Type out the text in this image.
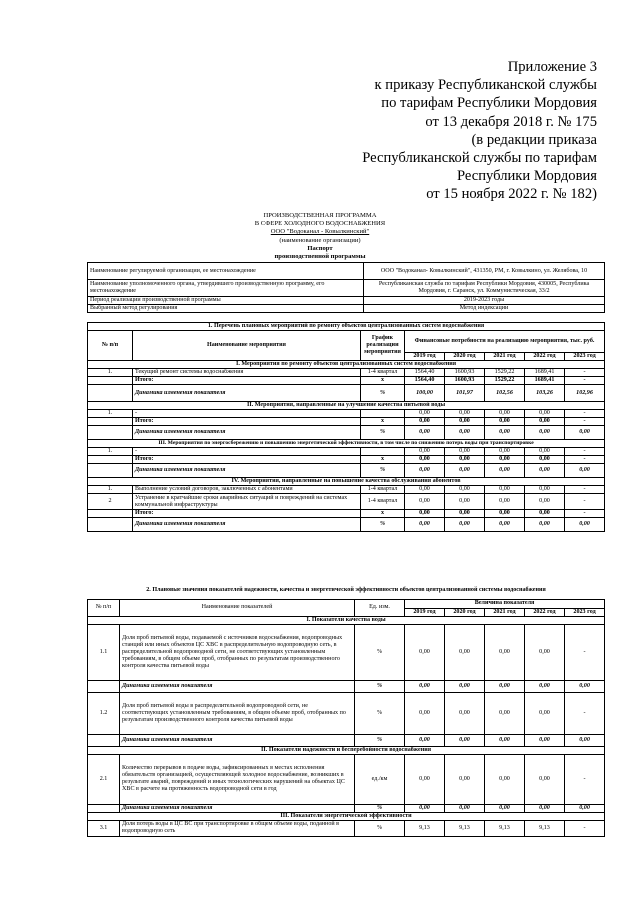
Приложение 3
к приказу Республиканской службы
по тарифам Республики Мордовия
от 13 декабря 2018 г. № 175
(в редакции приказа
Республиканской службы по тарифам
Республики Мордовия
от 15 ноября 2022 г. № 182)
ПРОИЗВОДСТВЕННАЯ ПРОГРАММА
В СФЕРЕ ХОЛОДНОГО ВОДОСНАБЖЕНИЯ
ООО "Водоканал - Ковылкинский"
(наименование организации)
Паспорт
производственной программы
Наименование регулируемой организации, ее местонахождение	ООО "Водоканал- Ковылкинский", 431350, РМ, г. Ковылкино, ул. Желябова, 10
Наименование уполномоченного органа, утвердившего производственную программу, его местонахождение	Республиканская служба по тарифам Республики Мордовия, 430005, Республика Мордовия, г. Саранск, ул. Коммунистическая, 33/2
Период реализации производственной программы	2019-2023 годы
Выбранный метод регулирования	Метод индексации
1. Перечень плановых мероприятий по ремонту объектов централизованных систем водоснабжения							
№ п/п	Наименование мероприятия	График реализации мероприятия	Финансовые потребности на реализацию мероприятия, тыс. руб.				
			2019 год	2020 год	2021 год	2022 год	2023 год
I. Мероприятия по ремонту объектов централизованных систем водоснабжения							
1.	Текущий ремонт системы водоснабжения	1-4 квартал	1564,40	1600,93	1529,22	1689,41	-
	Итого:	х	1564,40	1600,93	1529,22	1689,41	-
	Динамика изменения показателя	%	100,00	101,97	102,56	103,26	102,96
II. Мероприятия, направленные на улучшение качества питьевой воды							
1.	-		0,00	0,00	0,00	0,00	-
	Итого:	х	0,00	0,00	0,00	0,00	-
	Динамика изменения показателя	%	0,00	0,00	0,00	0,00	0,00
III. Мероприятия по энергосбережению и повышению энергетической эффективности, в том числе по снижению потерь воды при транспортировке							
1.	-		0,00	0,00	0,00	0,00	-
	Итого:	х	0,00	0,00	0,00	0,00	-
	Динамика изменения показателя	%	0,00	0,00	0,00	0,00	0,00
IV. Мероприятия, направленные на повышение качества обслуживания абонентов							
1.	Выполнение условий договоров, заключенных с абонентами	1-4 квартал	0,00	0,00	0,00	0,00	-
2	Устранение в кратчайшие сроки аварийных ситуаций и повреждений на системах коммунальной инфраструктуры	1-4 квартал	0,00	0,00	0,00	0,00	-
	Итого:	х	0,00	0,00	0,00	0,00	-
	Динамика изменения показателя	%	0,00	0,00	0,00	0,00	0,00
2. Плановые значения показателей надежности, качества и энергетической эффективности объектов централизованной системы водоснабжения							
№ п/п	Наименование показателей	Ед. изм.	Величина показателя				
			2019 год	2020 год	2021 год	2022 год	2023 год
I. Показатели качества воды							
1.1	Доля проб питьевой воды, подаваемой с источников водоснабжения, водопроводных станций или иных объектов ЦС ХВС в распределительную водопроводную сеть, в распределительной водопроводной сети, не соответствующих установленным требованиям, в общем объеме проб, отобранных по результатам производственного контроля качества питьевой воды	%	0,00	0,00	0,00	0,00	-
	Динамика изменения показателя	%	0,00	0,00	0,00	0,00	0,00
1.2	Доля проб питьевой воды в распределительной водопроводной сети, не соответствующих установленным требованиям, в общем объеме проб, отобранных по результатам производственного контроля качества питьевой воды	%	0,00	0,00	0,00	0,00	-
	Динамика изменения показателя	%	0,00	0,00	0,00	0,00	0,00
II. Показатели надежности и бесперебойности водоснабжения							
2.1	Количество перерывов в подаче воды, зафиксированных в местах исполнения обязательств организацией, осуществляющей холодное водоснабжение, возникших в результате аварий, повреждений и иных технологических нарушений на объектах ЦС ХВС в расчете на протяженность водопроводной сети в год	ед./км	0,00	0,00	0,00	0,00	-
	Динамика изменения показателя	%	0,00	0,00	0,00	0,00	0,00
III. Показатели энергетической эффективности							
3.1	Доля потерь воды в ЦС ВС при транспортировке в общем объеме воды, поданной в водопроводную сеть	%	9,13	9,13	9,13	9,13	-
